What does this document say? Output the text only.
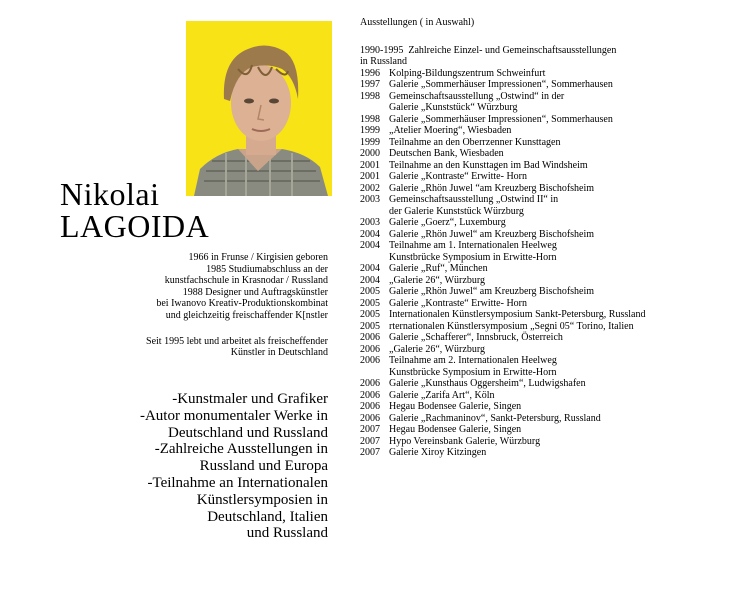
Nikolai
LAGOIDA

1966 in Frunse / Kirgisien geboren

1985 Studiumabschluss an der

kunstfachschule in Krasnodar / Russland

1988 Designer und Auftragskünstler

bei Iwanovo Kreativ-Produktionskombinat

und gleichzeitig freischaffender K[nstler

Seit 1995 lebt und arbeitet als freischeffender

Künstler in Deutschland

-Kunstmaler und Grafiker
-Autor monumentaler Werke in
Deutschland und Russland
-Zahlreiche Ausstellungen in
Russland und Europa
-Teilnahme an Internationalen
Künstlersymposien in
Deutschland, Italien
und Russland
Ausstellungen ( in Auswahl)
1990-1995 Zahlreiche Einzel- und Gemeinschaftsausstellungen
in Russland
1996 Kolping-Bildungszentrum Schweinfurt
1997 Galerie „Sommerhäuser Impressionen“, Sommerhausen
1998 Gemeinschaftsausstellung „Ostwind“ in der
Galerie „Kunststück“ Würzburg
1998 Galerie „Sommerhäuser Impressionen“, Sommerhausen
1999 „Atelier Moering“, Wiesbaden
1999 Teilnahme an den Oberrzenner Kunsttagen
2000 Deutschen Bank, Wiesbaden
2001 Teilnahme an den Kunsttagen im Bad Windsheim
2001 Galerie „Kontraste“ Erwitte- Horn
2002 Galerie „Rhön Juwel “am Kreuzberg Bischofsheim
2003 Gemeinschaftsausstellung „Ostwind II“ in
der Galerie Kunststück Würzburg
2003 Galerie „Goerz“, Luxemburg
2004 Galerie „Rhön Juwel“ am Kreuzberg Bischofsheim
2004 Teilnahme am 1. Internationalen Heelweg
Kunstbrücke Symposium in Erwitte-Horn
2004 Galerie „Ruf“, München
2004 „Galerie 26“, Würzburg
2005 Galerie „Rhön Juwel“ am Kreuzberg Bischofsheim
2005 Galerie „Kontraste“ Erwitte- Horn
2005 Internationalen Künstlersymposium Sankt-Petersburg, Russland
2005 rternationalen Künstlersymposium „Segni 05“ Torino, Italien
2006 Galerie „Schafferer“, Innsbruck, Österreich
2006 „Galerie 26“, Würzburg
2006 Teilnahme am 2. Internationalen Heelweg
Kunstbrücke Symposium in Erwitte-Horn
2006 Galerie „Kunsthaus Oggersheim“, Ludwigshafen
2006 Galerie „Zarifa Art“, Köln
2006 Hegau Bodensee Galerie, Singen
2006 Galerie „Rachmaninov“, Sankt-Petersburg, Russland
2007 Hegau Bodensee Galerie, Singen
2007 Hypo Vereinsbank Galerie, Würzburg
2007 Galerie Xiroy Kitzingen
